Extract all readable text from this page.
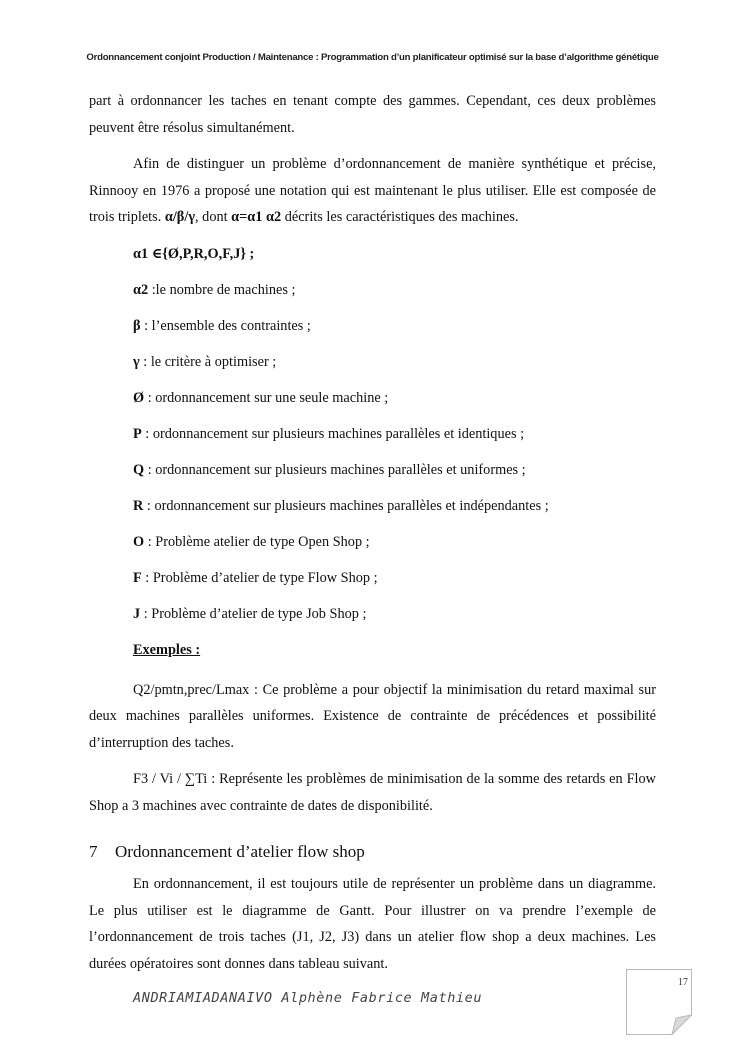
Ordonnancement conjoint Production / Maintenance : Programmation d’un planificateur optimisé sur la base d’algorithme génétique

part à ordonnancer les taches en tenant compte des gammes. Cependant, ces deux problèmes peuvent être résolus simultanément.

Afin de distinguer un problème d’ordonnancement de manière synthétique et précise, Rinnooy en 1976 a proposé une notation qui est maintenant le plus utiliser. Elle est composée de trois triplets. α/β/γ, dont α=α1 α2 décrits les caractéristiques des machines.

α1 ∈{Ø,P,R,O,F,J} ;
α2 :le nombre de machines ;
β : l’ensemble des contraintes ;
γ : le critère à optimiser ;
Ø : ordonnancement sur une seule machine ;
P : ordonnancement sur plusieurs machines parallèles et identiques ;
Q : ordonnancement sur plusieurs machines parallèles et uniformes ;
R : ordonnancement sur plusieurs machines parallèles et indépendantes ;
O : Problème atelier de type Open Shop ;
F : Problème d’atelier de type Flow Shop ;
J : Problème d’atelier de type Job Shop ;
Exemples :

Q2/pmtn,prec/Lmax : Ce problème a pour objectif la minimisation du retard maximal sur deux machines parallèles uniformes. Existence de contrainte de précédences et possibilité d’interruption des taches.

F3 / Vi / ∑Ti : Représente les problèmes de minimisation de la somme des retards en Flow Shop a 3 machines avec contrainte de dates de disponibilité.

7 Ordonnancement d’atelier flow shop

En ordonnancement, il est toujours utile de représenter un problème dans un diagramme. Le plus utiliser est le diagramme de Gantt. Pour illustrer on va prendre l’exemple de l’ordonnancement de trois taches (J1, J2, J3) dans un atelier flow shop a deux machines. Les durées opératoires sont donnes dans tableau suivant.

17
ANDRIAMIADANAIVO Alphène Fabrice Mathieu
